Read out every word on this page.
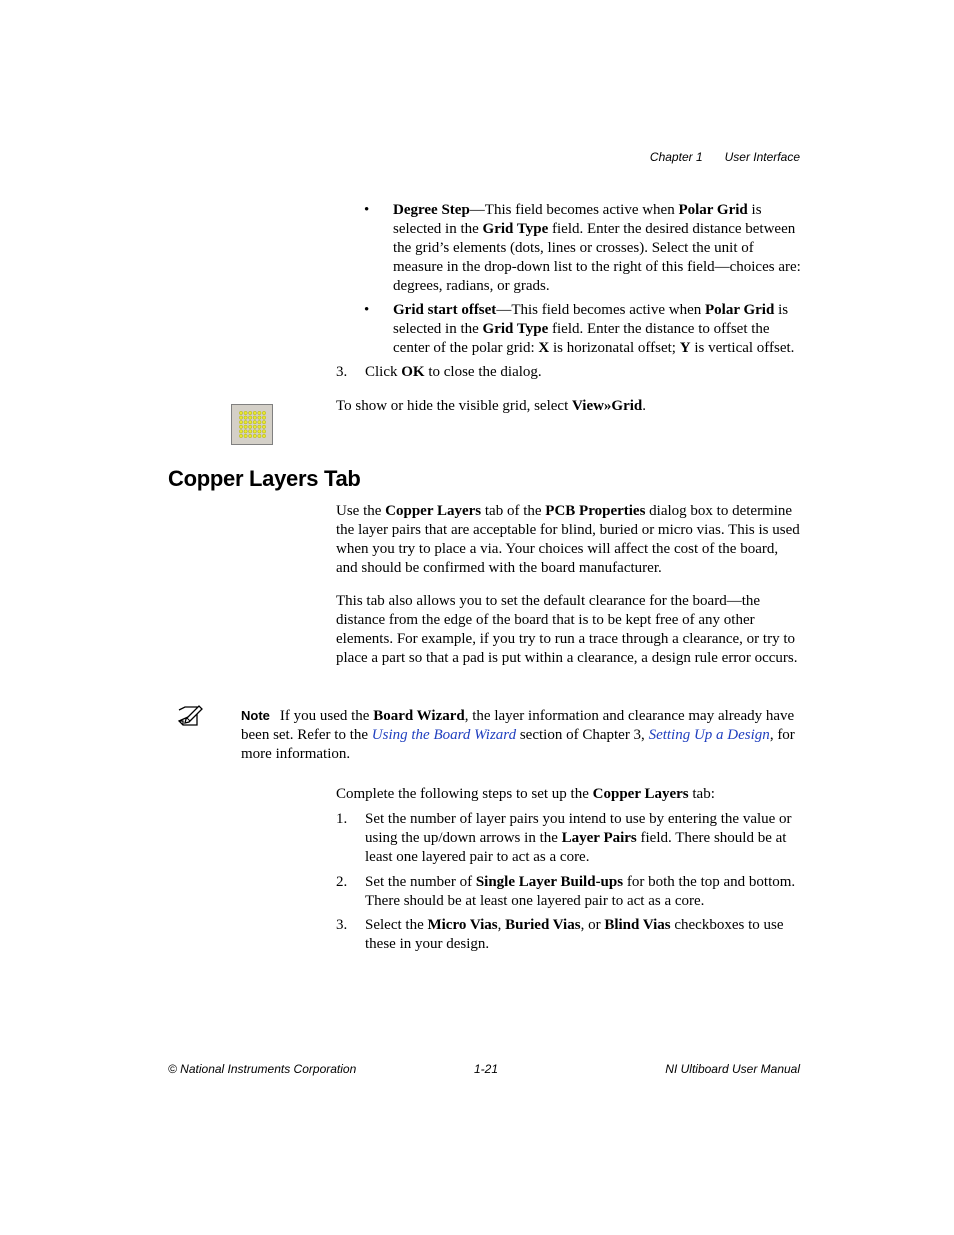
Chapter 1 User Interface
• Degree Step—This field becomes active when Polar Grid is selected in the Grid Type field. Enter the desired distance between the grid’s elements (dots, lines or crosses). Select the unit of measure in the drop-down list to the right of this field—choices are: degrees, radians, or grads.
• Grid start offset—This field becomes active when Polar Grid is selected in the Grid Type field. Enter the distance to offset the center of the polar grid: X is horizonatal offset; Y is vertical offset.
3. Click OK to close the dialog.
To show or hide the visible grid, select View»Grid.
Copper Layers Tab
Use the Copper Layers tab of the PCB Properties dialog box to determine the layer pairs that are acceptable for blind, buried or micro vias. This is used when you try to place a via. Your choices will affect the cost of the board, and should be confirmed with the board manufacturer.
This tab also allows you to set the default clearance for the board—the distance from the edge of the board that is to be kept free of any other elements. For example, if you try to run a trace through a clearance, or try to place a part so that a pad is put within a clearance, a design rule error occurs.
Note If you used the Board Wizard, the layer information and clearance may already have been set. Refer to the Using the Board Wizard section of Chapter 3, Setting Up a Design, for more information.
Complete the following steps to set up the Copper Layers tab:
1. Set the number of layer pairs you intend to use by entering the value or using the up/down arrows in the Layer Pairs field. There should be at least one layered pair to act as a core.
2. Set the number of Single Layer Build-ups for both the top and bottom. There should be at least one layered pair to act as a core.
3. Select the Micro Vias, Buried Vias, or Blind Vias checkboxes to use these in your design.
© National Instruments Corporation	1-21	NI Ultiboard User Manual
